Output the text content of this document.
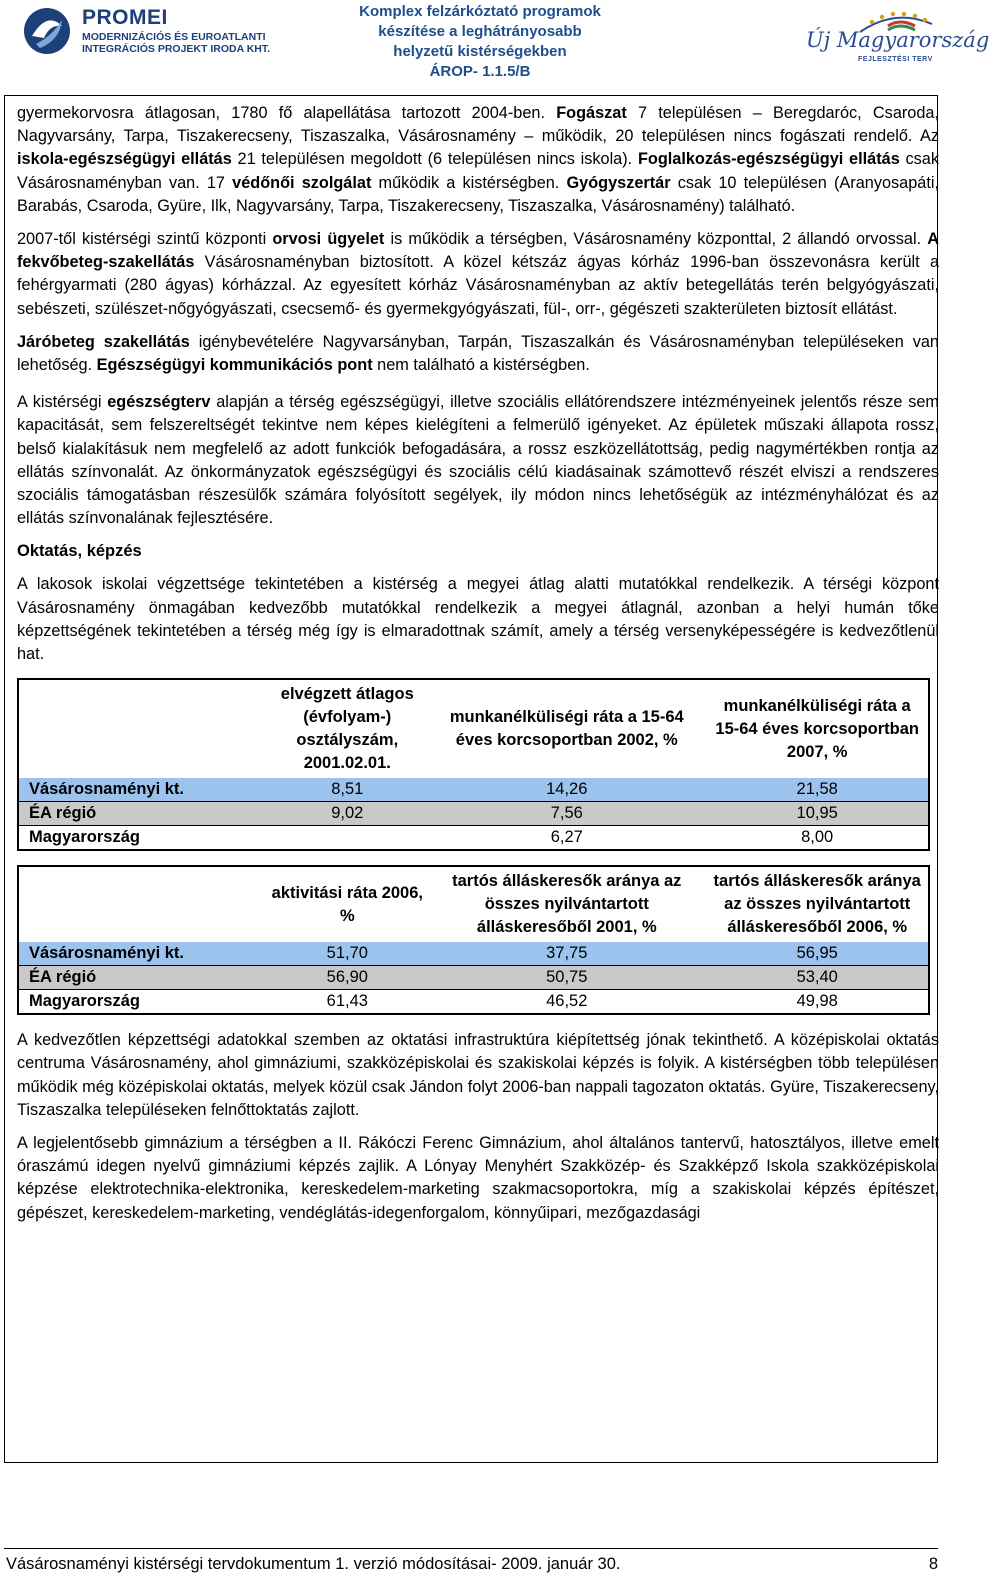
PROMEI
MODERNIZÁCIÓS ÉS EUROATLANTI
INTEGRÁCIÓS PROJEKT IRODA KHT.
Komplex felzárkóztató programok
készítése a leghátrányosabb
helyzetű kistérségekben
ÁROP- 1.1.5/B
Új Magyarország
FEJLESZTÉSI TERV

gyermekorvosra átlagosan, 1780 fő alapellátása tartozott 2004-ben. Fogászat 7 településen – Beregdaróc, Csaroda, Nagyvarsány, Tarpa, Tiszakerecseny, Tiszaszalka, Vásárosnamény – működik, 20 településen nincs fogászati rendelő. Az iskola-egészségügyi ellátás 21 településen megoldott (6 településen nincs iskola). Foglalkozás-egészségügyi ellátás csak Vásárosnaményban van. 17 védőnői szolgálat működik a kistérségben. Gyógyszertár csak 10 településen (Aranyosapáti, Barabás, Csaroda, Gyüre, Ilk, Nagyvarsány, Tarpa, Tiszakerecseny, Tiszaszalka, Vásárosnamény) található.

2007-től kistérségi szintű központi orvosi ügyelet is működik a térségben, Vásárosnamény központtal, 2 állandó orvossal. A fekvőbeteg-szakellátás Vásárosnaményban biztosított. A közel kétszáz ágyas kórház 1996-ban összevonásra került a fehérgyarmati (280 ágyas) kórházzal. Az egyesített kórház Vásárosnaményban az aktív betegellátás terén belgyógyászati, sebészeti, szülészet-nőgyógyászati, csecsemő- és gyermekgyógyászati, fül-, orr-, gégészeti szakterületen biztosít ellátást.

Járóbeteg szakellátás igénybevételére Nagyvarsányban, Tarpán, Tiszaszalkán és Vásárosnaményban településeken van lehetőség. Egészségügyi kommunikációs pont nem található a kistérségben.

A kistérségi egészségterv alapján a térség egészségügyi, illetve szociális ellátórendszere intézményeinek jelentős része sem kapacitását, sem felszereltségét tekintve nem képes kielégíteni a felmerülő igényeket. Az épületek műszaki állapota rossz, belső kialakításuk nem megfelelő az adott funkciók befogadására, a rossz eszközellátottság, pedig nagymértékben rontja az ellátás színvonalát. Az önkormányzatok egészségügyi és szociális célú kiadásainak számottevő részét elviszi a rendszeres szociális támogatásban részesülők számára folyósított segélyek, ily módon nincs lehetőségük az intézményhálózat és az ellátás színvonalának fejlesztésére.

Oktatás, képzés

A lakosok iskolai végzettsége tekintetében a kistérség a megyei átlag alatti mutatókkal rendelkezik. A térségi központ Vásárosnamény önmagában kedvezőbb mutatókkal rendelkezik a megyei átlagnál, azonban a helyi humán tőke képzettségének tekintetében a térség még így is elmaradottnak számít, amely a térség versenyképességére is kedvezőtlenül hat.

	elvégzett átlagos (évfolyam-) osztályszám, 2001.02.01.	munkanélküliségi ráta a 15-64 éves korcsoportban 2002, %	munkanélküliségi ráta a 15-64 éves korcsoportban 2007, %
Vásárosnaményi kt.	8,51	14,26	21,58
ÉA régió	9,02	7,56	10,95
Magyarország		6,27	8,00
	aktivitási ráta 2006, %	tartós álláskeresők aránya az összes nyilvántartott álláskeresőből 2001, %	tartós álláskeresők aránya az összes nyilvántartott álláskeresőből 2006, %
Vásárosnaményi kt.	51,70	37,75	56,95
ÉA régió	56,90	50,75	53,40
Magyarország	61,43	46,52	49,98

A kedvezőtlen képzettségi adatokkal szemben az oktatási infrastruktúra kiépítettség jónak tekinthető. A középiskolai oktatás centruma Vásárosnamény, ahol gimnáziumi, szakközépiskolai és szakiskolai képzés is folyik. A kistérségben több településen működik még középiskolai oktatás, melyek közül csak Jándon folyt 2006-ban nappali tagozaton oktatás. Gyüre, Tiszakerecseny, Tiszaszalka településeken felnőttoktatás zajlott.

A legjelentősebb gimnázium a térségben a II. Rákóczi Ferenc Gimnázium, ahol általános tantervű, hatosztályos, illetve emelt óraszámú idegen nyelvű gimnáziumi képzés zajlik. A Lónyay Menyhért Szakközép- és Szakképző Iskola szakközépiskolai képzése elektrotechnika-elektronika, kereskedelem-marketing szakmacsoportokra, míg a szakiskolai képzés építészet, gépészet, kereskedelem-marketing, vendéglátás-idegenforgalom, könnyűipari, mezőgazdasági

Vásárosnaményi kistérségi tervdokumentum 1. verzió módosításai- 2009. január 30.	8
